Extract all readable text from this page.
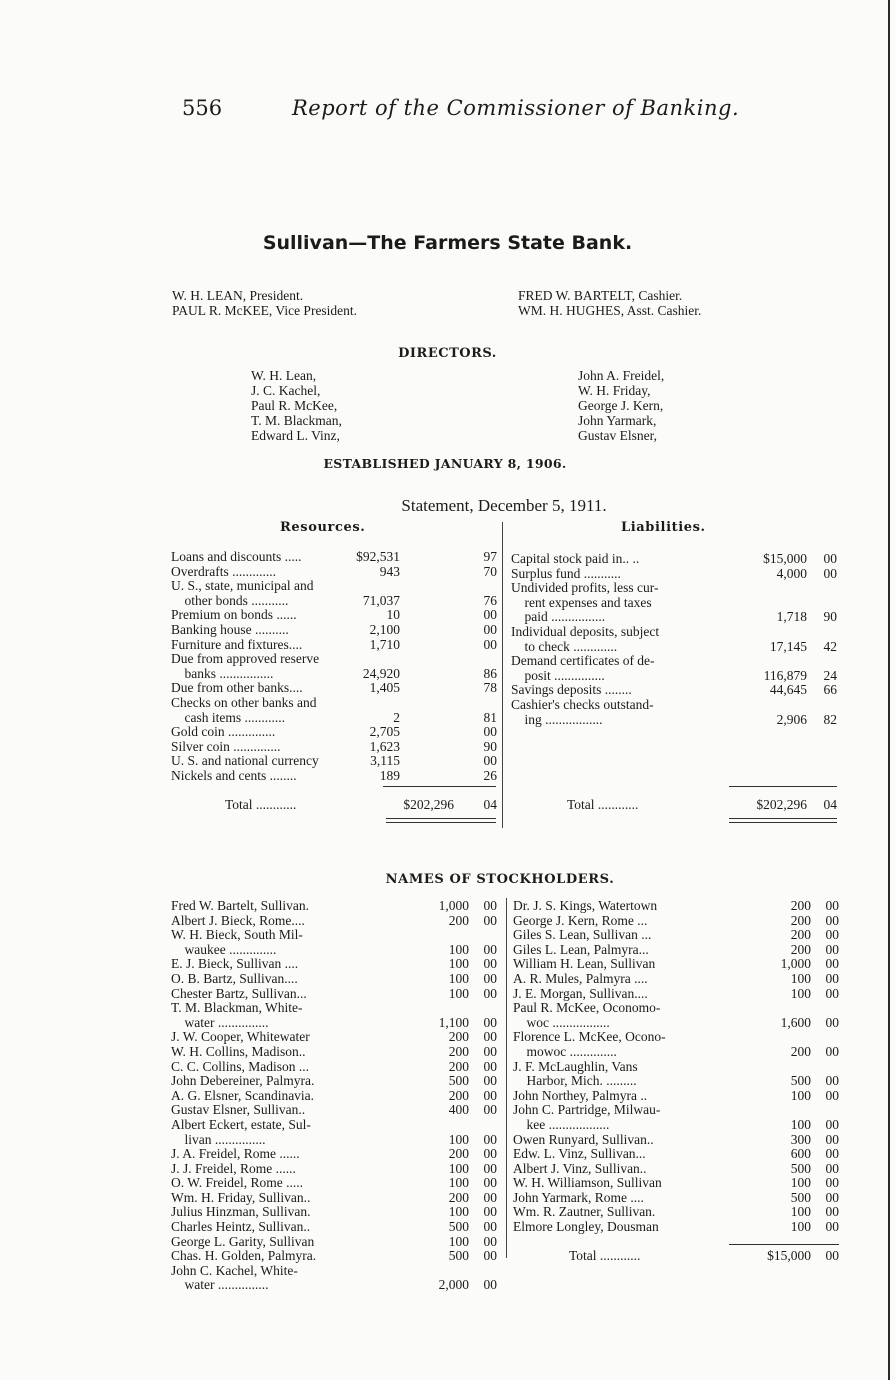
556	Report of the Commissioner of Banking.
Sullivan—The Farmers State Bank.
W. H. LEAN, President.
PAUL R. McKEE, Vice President.
FRED W. BARTELT, Cashier.
WM. H. HUGHES, Asst. Cashier.
DIRECTORS.
W. H. Lean,
J. C. Kachel,
Paul R. McKee,
T. M. Blackman,
Edward L. Vinz,
John A. Freidel,
W. H. Friday,
George J. Kern,
John Yarmark,
Gustav Elsner,
ESTABLISHED JANUARY 8, 1906.
Statement, December 5, 1911.
Resources.	Liabilities.
Loans and discounts .....	$92,531	97
Overdrafts .............	943	70
U. S., state, municipal and
other bonds ...........	71,037	76
Premium on bonds ......	10	00
Banking house ..........	2,100	00
Furniture and fixtures....	1,710	00
Due from approved reserve
banks ................	24,920	86
Due from other banks....	1,405	78
Checks on other banks and
cash items ............	2	81
Gold coin ..............	2,705	00
Silver coin ..............	1,623	90
U. S. and national currency	3,115	00
Nickels and cents ........	189	26
Capital stock paid in.. ..	$15,000 00
Surplus fund ...........	4,000 00
Undivided profits, less cur-
rent expenses and taxes
paid ................	1,718 90
Individual deposits, subject
to check .............	17,145 42
Demand certificates of de-
posit ...............	116,879 24
Savings deposits ........	44,645 66
Cashier's checks outstand-
ing .................	2,906 82
Total ............	$202,296 04	Total ............	$202,296 04
NAMES OF STOCKHOLDERS.
Fred W. Bartelt, Sullivan.	1,000 00
Albert J. Bieck, Rome....	200 00
W. H. Bieck, South Mil-
waukee ..............	100 00
E. J. Bieck, Sullivan ....	100 00
O. B. Bartz, Sullivan....	100 00
Chester Bartz, Sullivan...	100 00
T. M. Blackman, White-
water ...............	1,100 00
J. W. Cooper, Whitewater	200 00
W. H. Collins, Madison..	200 00
C. C. Collins, Madison ...	200 00
John Debereiner, Palmyra.	500 00
A. G. Elsner, Scandinavia.	200 00
Gustav Elsner, Sullivan..	400 00
Albert Eckert, estate, Sul-
livan ...............	100 00
J. A. Freidel, Rome ......	200 00
J. J. Freidel, Rome ......	100 00
O. W. Freidel, Rome .....	100 00
Wm. H. Friday, Sullivan..	200 00
Julius Hinzman, Sullivan.	100 00
Charles Heintz, Sullivan..	500 00
George L. Garity, Sullivan	100 00
Chas. H. Golden, Palmyra.	500 00
John C. Kachel, White-
water ...............	2,000 00
Dr. J. S. Kings, Watertown	200 00
George J. Kern, Rome ...	200 00
Giles S. Lean, Sullivan ...	200 00
Giles L. Lean, Palmyra...	200 00
William H. Lean, Sullivan	1,000 00
A. R. Mules, Palmyra ....	100 00
J. E. Morgan, Sullivan....	100 00
Paul R. McKee, Oconomo-
woc .................	1,600 00
Florence L. McKee, Ocono-
mowoc ..............	200 00
J. F. McLaughlin, Vans
Harbor, Mich. .........	500 00
John Northey, Palmyra ..	100 00
John C. Partridge, Milwau-
kee ..................	100 00
Owen Runyard, Sullivan..	300 00
Edw. L. Vinz, Sullivan...	600 00
Albert J. Vinz, Sullivan..	500 00
W. H. Williamson, Sullivan	100 00
John Yarmark, Rome ....	500 00
Wm. R. Zautner, Sullivan.	100 00
Elmore Longley, Dousman	100 00
Total ............	$15,000 00
